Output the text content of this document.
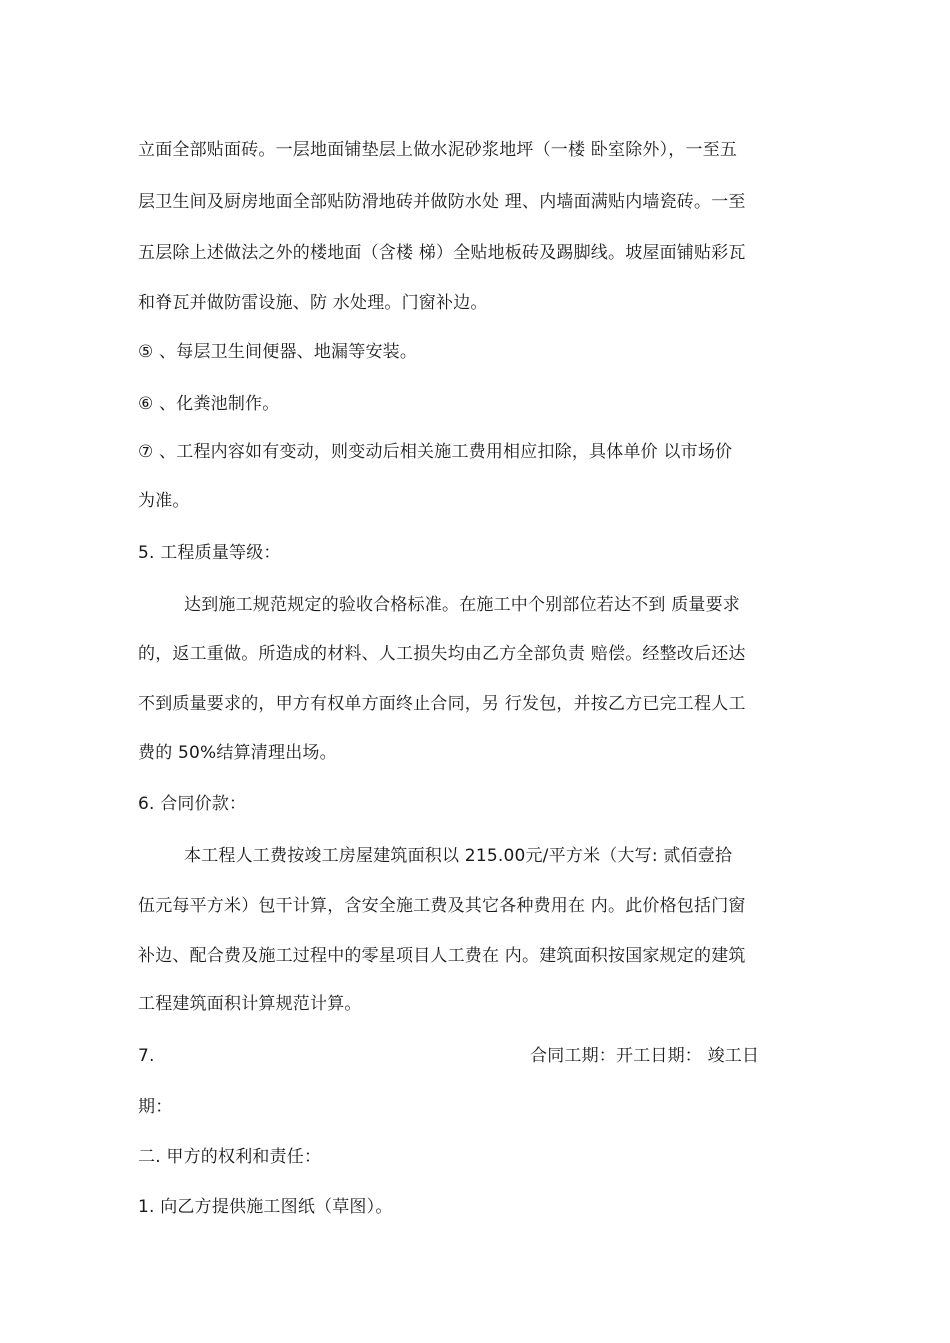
立面全部贴面砖。一层地面铺垫层上做水泥砂浆地坪（一楼 卧室除外），一至五
层卫生间及厨房地面全部贴防滑地砖并做防水处 理、内墙面满贴内墙瓷砖。一至
五层除上述做法之外的楼地面（含楼 梯）全贴地板砖及踢脚线。坡屋面铺贴彩瓦
和脊瓦并做防雷设施、防 水处理。门窗补边。
⑤ 、每层卫生间便器、地漏等安装。
⑥ 、化粪池制作。
⑦ 、工程内容如有变动，则变动后相关施工费用相应扣除，具体单价 以市场价
为准。
5. 工程质量等级：
达到施工规范规定的验收合格标准。在施工中个别部位若达不到 质量要求
的，返工重做。所造成的材料、人工损失均由乙方全部负责 赔偿。经整改后还达
不到质量要求的，甲方有权单方面终止合同，另 行发包，并按乙方已完工程人工
费的 50%结算清理出场。
6. 合同价款：
本工程人工费按竣工房屋建筑面积以 215.00元/平方米（大写: 贰佰壹拾
伍元每平方米）包干计算，含安全施工费及其它各种费用在 内。此价格包括门窗
补边、配合费及施工过程中的零星项目人工费在 内。建筑面积按国家规定的建筑
工程建筑面积计算规范计算。
7.	合同工期：开工日期： 竣工日
期：
二. 甲方的权利和责任：
1. 向乙方提供施工图纸（草图）。
